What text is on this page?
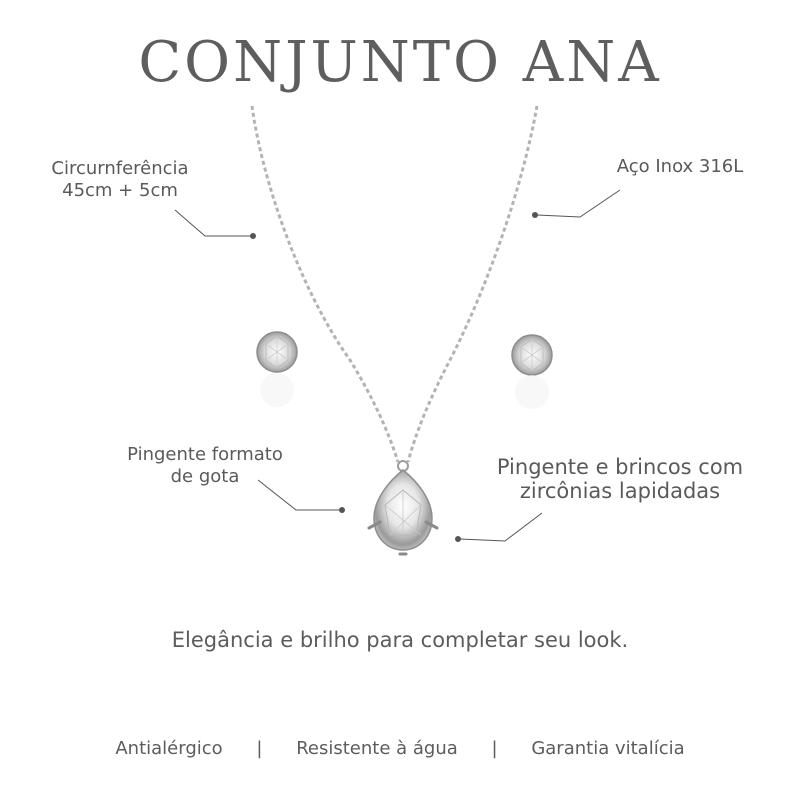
CONJUNTO ANA
Circurnferência
45cm + 5cm
Aço Inox 316L
Pingente formato
de gota	Pingente e brincos com
zircônias lapidadas
Elegância e brilho para completar seu look.
Antialérgico | Resistente à água | Garantia vitalícia
